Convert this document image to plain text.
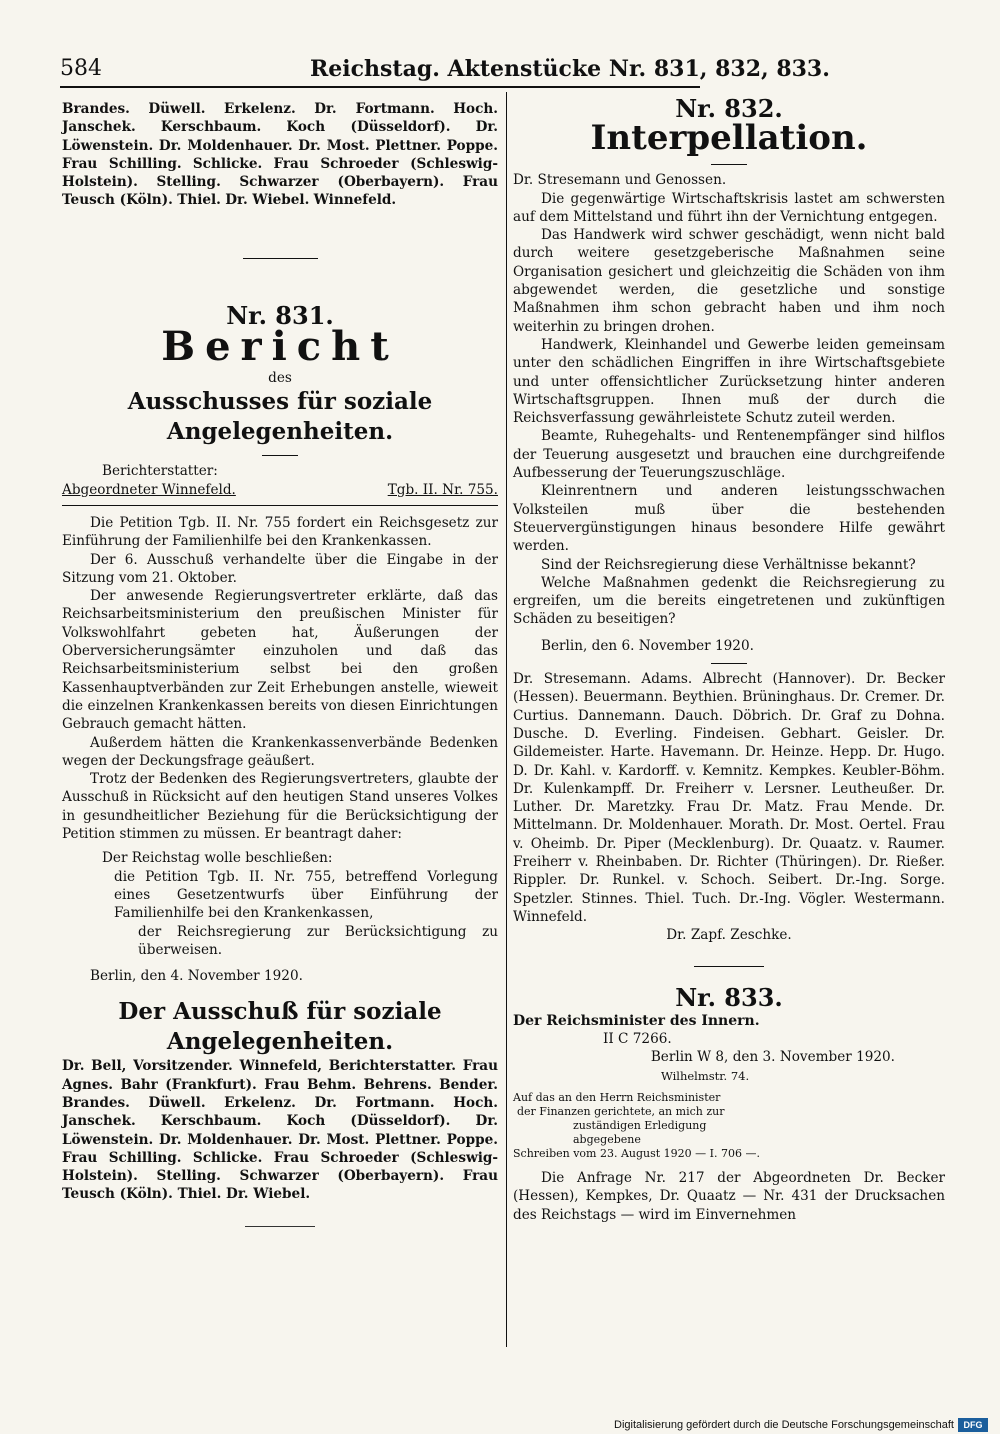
584	Reichstag. Aktenstücke Nr. 831, 832, 833.
Brandes. Düwell. Erkelenz. Dr. Fortmann. Hoch. Janschek. Kerschbaum. Koch (Düsseldorf). Dr. Löwenstein. Dr. Moldenhauer. Dr. Most. Plettner. Poppe. Frau Schilling. Schlicke. Frau Schroeder (Schleswig-Holstein). Stelling. Schwarzer (Oberbayern). Frau Teusch (Köln). Thiel. Dr. Wiebel. Winnefeld.
Nr. 831.
Bericht
des
Ausschusses für soziale Angelegenheiten.
Berichterstatter:
Abgeordneter Winnefeld.	Tgb. II. Nr. 755.

Die Petition Tgb. II. Nr. 755 fordert ein Reichsgesetz zur Einführung der Familienhilfe bei den Krankenkassen.

Der 6. Ausschuß verhandelte über die Eingabe in der Sitzung vom 21. Oktober.

Der anwesende Regierungsvertreter erklärte, daß das Reichsarbeitsministerium den preußischen Minister für Volkswohlfahrt gebeten hat, Äußerungen der Oberversicherungsämter einzuholen und daß das Reichsarbeitsministerium selbst bei den großen Kassenhauptverbänden zur Zeit Erhebungen anstelle, wieweit die einzelnen Krankenkassen bereits von diesen Einrichtungen Gebrauch gemacht hätten.

Außerdem hätten die Krankenkassenverbände Bedenken wegen der Deckungsfrage geäußert.

Trotz der Bedenken des Regierungsvertreters, glaubte der Ausschuß in Rücksicht auf den heutigen Stand unseres Volkes in gesundheitlicher Beziehung für die Berücksichtigung der Petition stimmen zu müssen. Er beantragt daher:

Der Reichstag wolle beschließen:
die Petition Tgb. II. Nr. 755, betreffend Vorlegung eines Gesetzentwurfs über Einführung der Familienhilfe bei den Krankenkassen,
der Reichsregierung zur Berücksichtigung zu überweisen.
Berlin, den 4. November 1920.
Der Ausschuß für soziale Angelegenheiten.
Dr. Bell, Vorsitzender. Winnefeld, Berichterstatter. Frau Agnes. Bahr (Frankfurt). Frau Behm. Behrens. Bender. Brandes. Düwell. Erkelenz. Dr. Fortmann. Hoch. Janschek. Kerschbaum. Koch (Düsseldorf). Dr. Löwenstein. Dr. Moldenhauer. Dr. Most. Plettner. Poppe. Frau Schilling. Schlicke. Frau Schroeder (Schleswig-Holstein). Stelling. Schwarzer (Oberbayern). Frau Teusch (Köln). Thiel. Dr. Wiebel.
Nr. 832.
Interpellation.
Dr. Stresemann und Genossen.

Die gegenwärtige Wirtschaftskrisis lastet am schwersten auf dem Mittelstand und führt ihn der Vernichtung entgegen.

Das Handwerk wird schwer geschädigt, wenn nicht bald durch weitere gesetzgeberische Maßnahmen seine Organisation gesichert und gleichzeitig die Schäden von ihm abgewendet werden, die gesetzliche und sonstige Maßnahmen ihm schon gebracht haben und ihm noch weiterhin zu bringen drohen.

Handwerk, Kleinhandel und Gewerbe leiden gemeinsam unter den schädlichen Eingriffen in ihre Wirtschaftsgebiete und unter offensichtlicher Zurücksetzung hinter anderen Wirtschaftsgruppen. Ihnen muß der durch die Reichsverfassung gewährleistete Schutz zuteil werden.

Beamte, Ruhegehalts- und Rentenempfänger sind hilflos der Teuerung ausgesetzt und brauchen eine durchgreifende Aufbesserung der Teuerungszuschläge.

Kleinrentnern und anderen leistungsschwachen Volksteilen muß über die bestehenden Steuervergünstigungen hinaus besondere Hilfe gewährt werden.

Sind der Reichsregierung diese Verhältnisse bekannt?

Welche Maßnahmen gedenkt die Reichsregierung zu ergreifen, um die bereits eingetretenen und zukünftigen Schäden zu beseitigen?

Berlin, den 6. November 1920.
Dr. Stresemann. Adams. Albrecht (Hannover). Dr. Becker (Hessen). Beuermann. Beythien. Brüninghaus. Dr. Cremer. Dr. Curtius. Dannemann. Dauch. Döbrich. Dr. Graf zu Dohna. Dusche. D. Everling. Findeisen. Gebhart. Geisler. Dr. Gildemeister. Harte. Havemann. Dr. Heinze. Hepp. Dr. Hugo. D. Dr. Kahl. v. Kardorff. v. Kemnitz. Kempkes. Keubler-Böhm. Dr. Kulenkampff. Dr. Freiherr v. Lersner. Leutheußer. Dr. Luther. Dr. Maretzky. Frau Dr. Matz. Frau Mende. Dr. Mittelmann. Dr. Moldenhauer. Morath. Dr. Most. Oertel. Frau v. Oheimb. Dr. Piper (Mecklenburg). Dr. Quaatz. v. Raumer. Freiherr v. Rheinbaben. Dr. Richter (Thüringen). Dr. Rießer. Rippler. Dr. Runkel. v. Schoch. Seibert. Dr.-Ing. Sorge. Spetzler. Stinnes. Thiel. Tuch. Dr.-Ing. Vögler. Westermann. Winnefeld.
Dr. Zapf. Zeschke.
Nr. 833.
Der Reichsminister des Innern.
II C 7266.
Berlin W 8, den 3. November 1920.
Wilhelmstr. 74.
Auf das an den Herrn Reichsminister
der Finanzen gerichtete, an mich zur
zuständigen Erledigung abgegebene
Schreiben vom 23. August 1920 — I. 706 —.

Die Anfrage Nr. 217 der Abgeordneten Dr. Becker (Hessen), Kempkes, Dr. Quaatz — Nr. 431 der Drucksachen des Reichstags — wird im Einvernehmen

Digitalisierung gefördert durch die Deutsche Forschungsgemeinschaft	DFG
